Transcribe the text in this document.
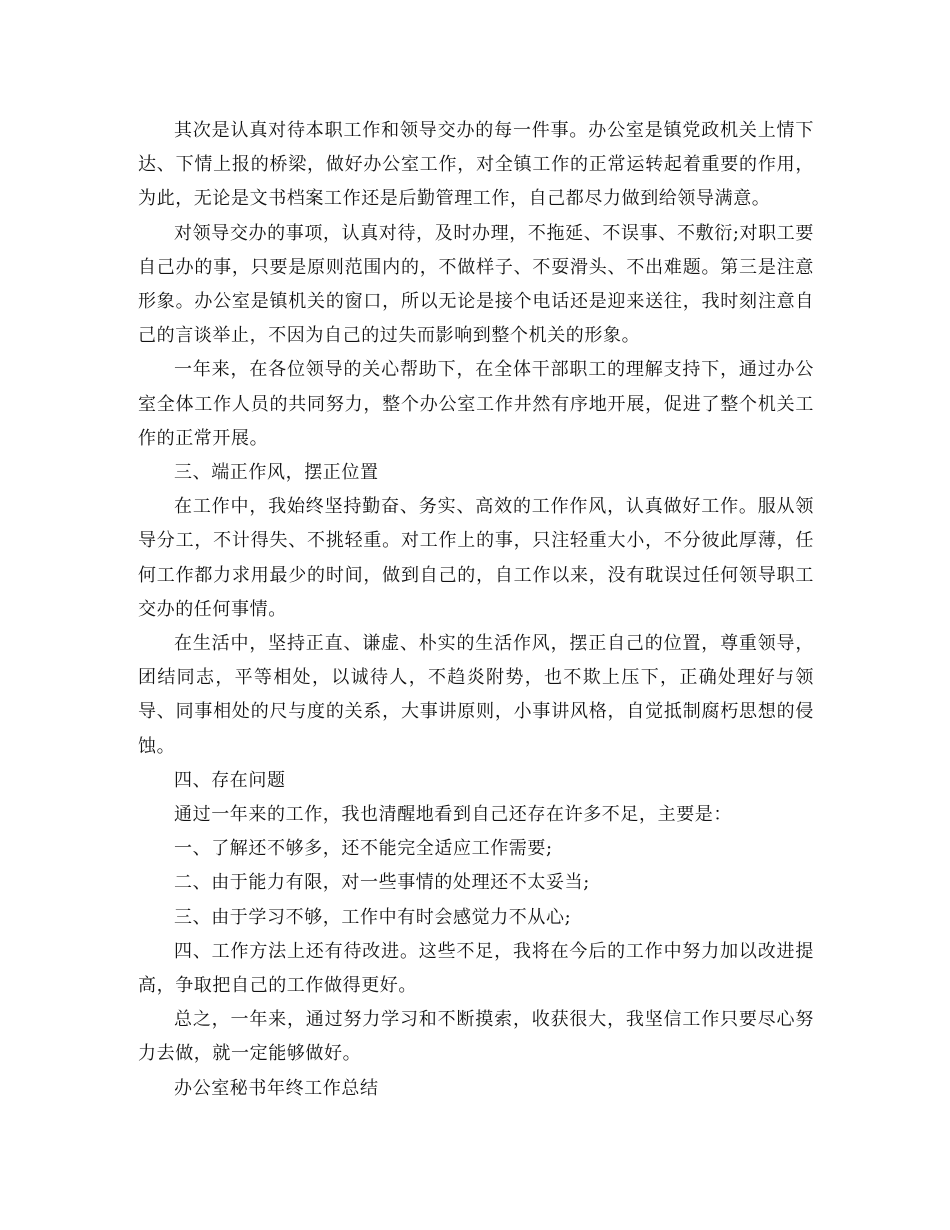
其次是认真对待本职工作和领导交办的每一件事。办公室是镇党政机关上情下达、下情上报的桥梁，做好办公室工作，对全镇工作的正常运转起着重要的作用，为此，无论是文书档案工作还是后勤管理工作，自己都尽力做到给领导满意。

对领导交办的事项，认真对待，及时办理，不拖延、不误事、不敷衍;对职工要自己办的事，只要是原则范围内的，不做样子、不耍滑头、不出难题。第三是注意形象。办公室是镇机关的窗口，所以无论是接个电话还是迎来送往，我时刻注意自己的言谈举止，不因为自己的过失而影响到整个机关的形象。

一年来，在各位领导的关心帮助下，在全体干部职工的理解支持下，通过办公室全体工作人员的共同努力，整个办公室工作井然有序地开展，促进了整个机关工作的正常开展。

三、端正作风，摆正位置

在工作中，我始终坚持勤奋、务实、高效的工作作风，认真做好工作。服从领导分工，不计得失、不挑轻重。对工作上的事，只注轻重大小，不分彼此厚薄，任何工作都力求用最少的时间，做到自己的，自工作以来，没有耽误过任何领导职工交办的任何事情。

在生活中，坚持正直、谦虚、朴实的生活作风，摆正自己的位置，尊重领导，团结同志，平等相处，以诚待人，不趋炎附势，也不欺上压下，正确处理好与领导、同事相处的尺与度的关系，大事讲原则，小事讲风格，自觉抵制腐朽思想的侵蚀。

四、存在问题

通过一年来的工作，我也清醒地看到自己还存在许多不足，主要是：

一、了解还不够多，还不能完全适应工作需要;

二、由于能力有限，对一些事情的处理还不太妥当;

三、由于学习不够，工作中有时会感觉力不从心;

四、工作方法上还有待改进。这些不足，我将在今后的工作中努力加以改进提高，争取把自己的工作做得更好。

总之，一年来，通过努力学习和不断摸索，收获很大，我坚信工作只要尽心努力去做，就一定能够做好。

办公室秘书年终工作总结
